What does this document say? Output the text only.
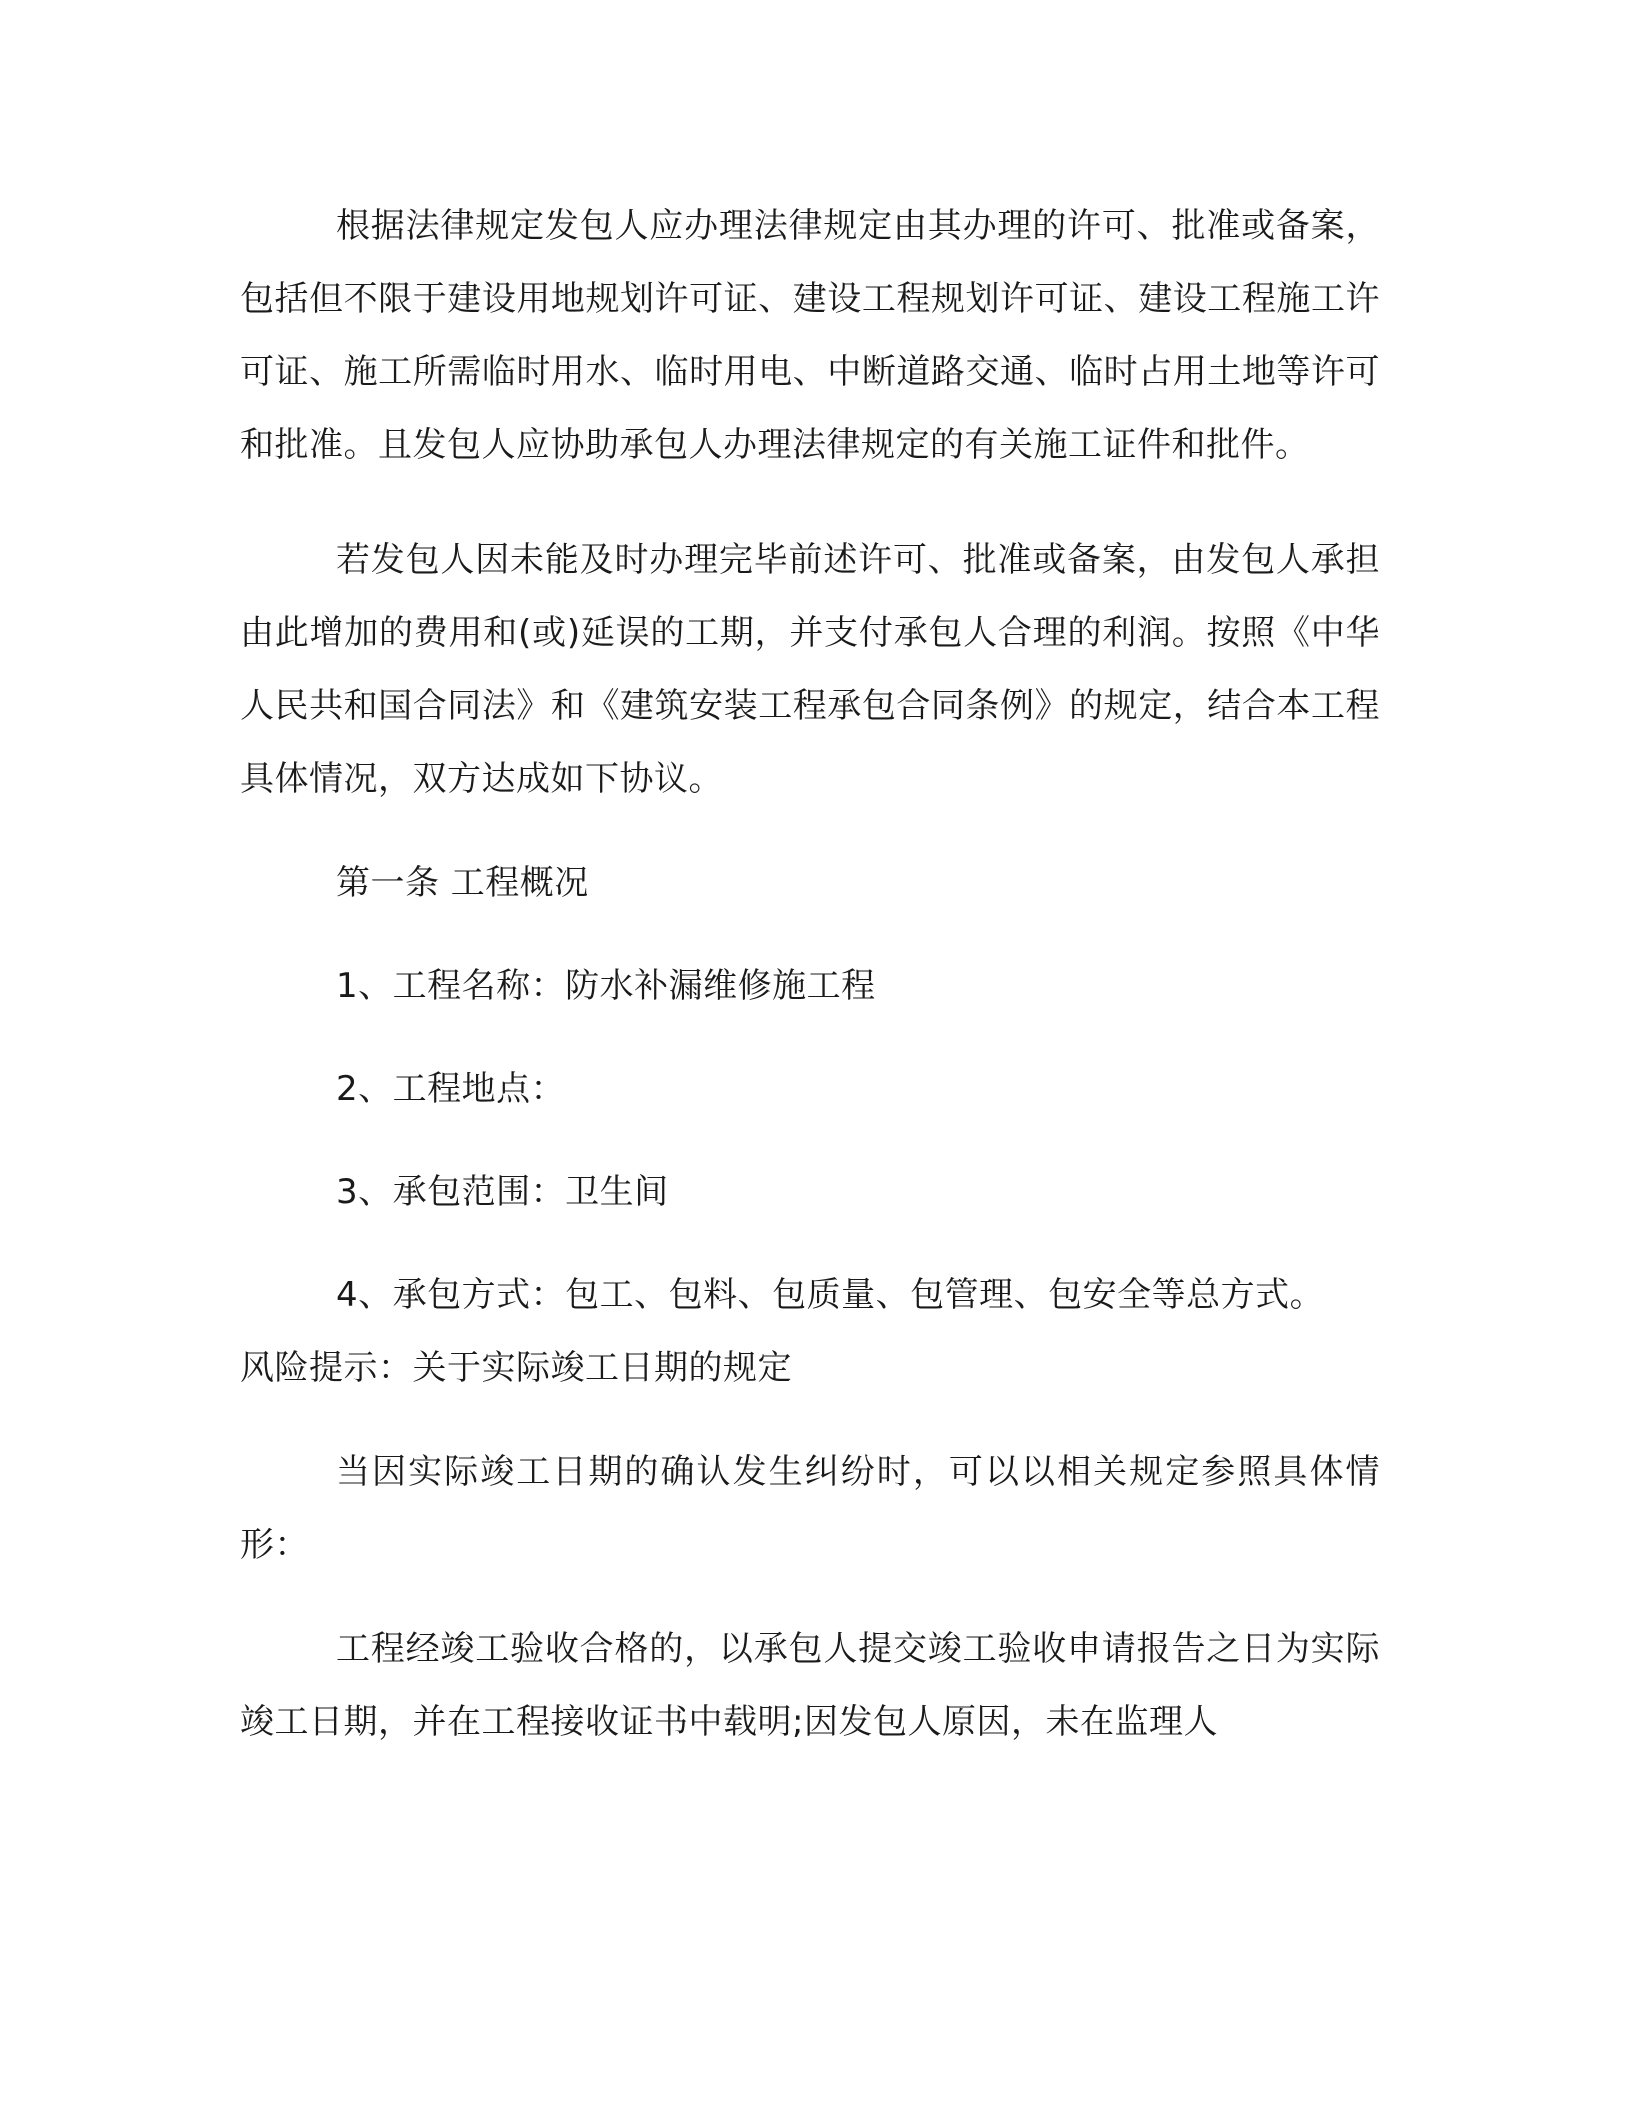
根据法律规定发包人应办理法律规定由其办理的许可、批准或备案，包括但不限于建设用地规划许可证、建设工程规划许可证、建设工程施工许可证、施工所需临时用水、临时用电、中断道路交通、临时占用土地等许可和批准。且发包人应协助承包人办理法律规定的有关施工证件和批件。

若发包人因未能及时办理完毕前述许可、批准或备案，由发包人承担由此增加的费用和(或)延误的工期，并支付承包人合理的利润。按照《中华人民共和国合同法》和《建筑安装工程承包合同条例》的规定，结合本工程具体情况，双方达成如下协议。

第一条 工程概况

1、工程名称：防水补漏维修施工程

2、工程地点：

3、承包范围：卫生间

4、承包方式：包工、包料、包质量、包管理、包安全等总方式。

风险提示：关于实际竣工日期的规定

当因实际竣工日期的确认发生纠纷时，可以以相关规定参照具体情形：

工程经竣工验收合格的，以承包人提交竣工验收申请报告之日为实际竣工日期，并在工程接收证书中载明;因发包人原因，未在监理人
